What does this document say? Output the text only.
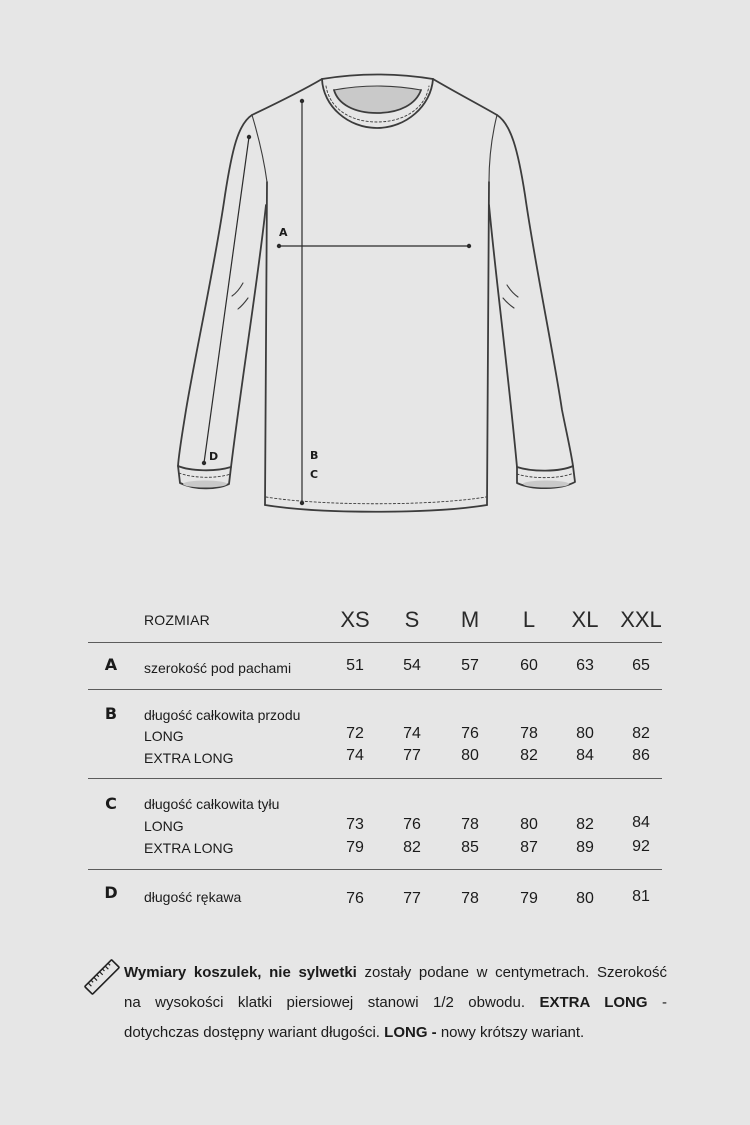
A
B
C
D
ROZMIAR	XS	S	M	L	XL XXL
A	szerokość pod pachami	51	54	57	60	63	65
B	długość całkowita przodu
LONG	72	74	76	78	80	82
EXTRA LONG	74	77	80	82	84	86
C	długość całkowita tyłu
LONG	73	76	78	80	82	84
EXTRA LONG	79	82	85	87	89	92
D	długość rękawa	76	77	78	79	80	81
Wymiary koszulek, nie sylwetki zostały podane w centymetrach. Szerokość
na wysokości klatki piersiowej stanowi 1/2 obwodu. EXTRA LONG -
dotychczas dostępny wariant długości. LONG - nowy krótszy wariant.
